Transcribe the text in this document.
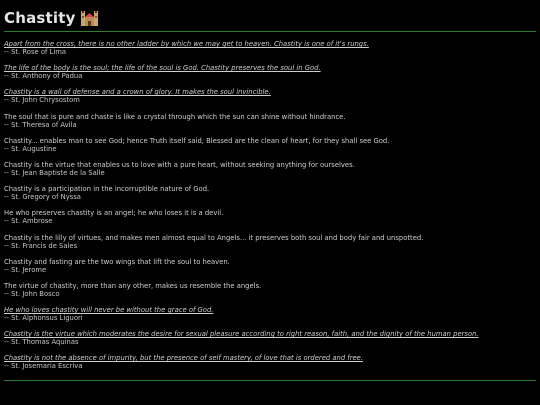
Chastity
Apart from the cross, there is no other ladder by which we may get to heaven. Chastity is one of it's rungs.
-- St. Rose of Lima
The life of the body is the soul; the life of the soul is God. Chastity preserves the soul in God.
-- St. Anthony of Padua
Chastity is a wall of defense and a crown of glory. It makes the soul invincible.
-- St. John Chrysostom
The soul that is pure and chaste is like a crystal through which the sun can shine without hindrance.
-- St. Theresa of Avila
Chastity... enables man to see God; hence Truth itself said, Blessed are the clean of heart, for they shall see God.
-- St. Augustine
Chastity is the virtue that enables us to love with a pure heart, without seeking anything for ourselves.
-- St. Jean Baptiste de la Salle
Chastity is a participation in the incorruptible nature of God.
-- St. Gregory of Nyssa
He who preserves chastity is an angel; he who loses it is a devil.
-- St. Ambrose
Chastity is the lilly of virtues, and makes men almost equal to Angels... it preserves both soul and body fair and unspotted.
-- St. Francis de Sales
Chastity and fasting are the two wings that lift the soul to heaven.
-- St. Jerome
The virtue of chastity, more than any other, makes us resemble the angels.
-- St. John Bosco
He who loves chastity will never be without the grace of God.
-- St. Alphonsus Liguori
Chastity is the virtue which moderates the desire for sexual pleasure according to right reason, faith, and the dignity of the human person.
-- St. Thomas Aquinas
Chastity is not the absence of impurity, but the presence of self mastery, of love that is ordered and free.
-- St. Josemaria Escriva
